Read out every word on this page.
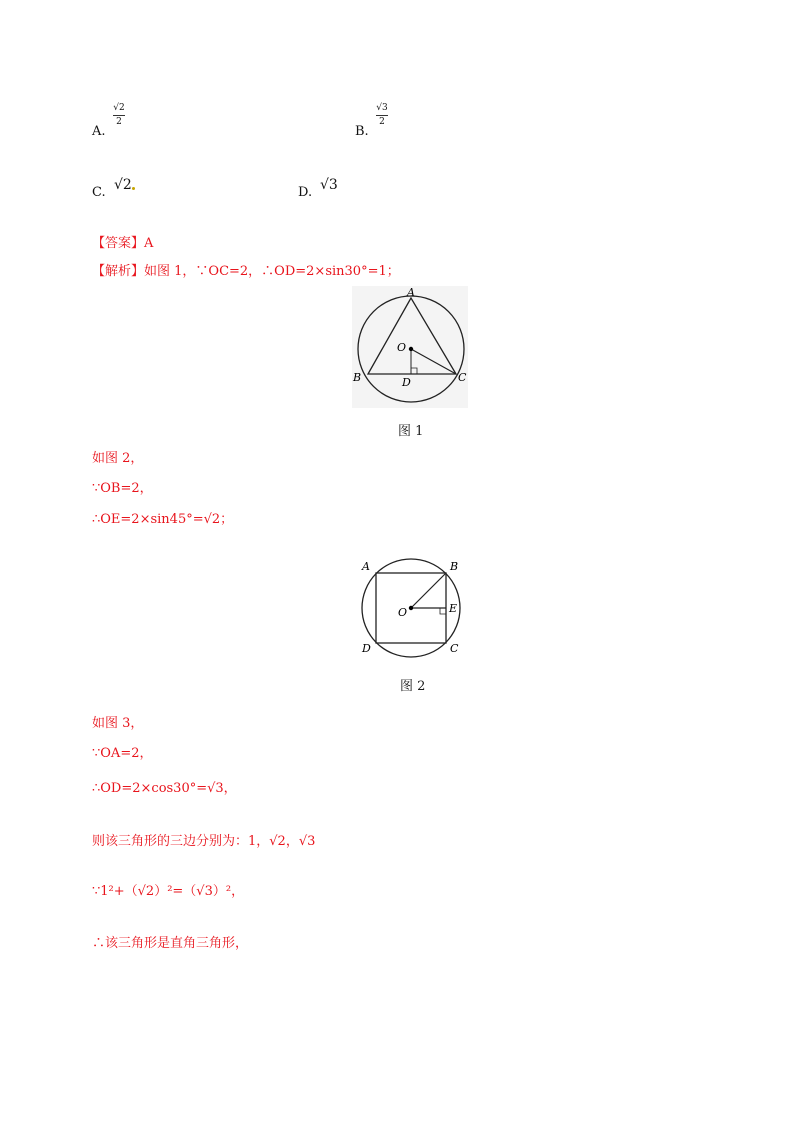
A.
√2
2
B.
√3
2
C. √2	D. √3
【答案】A
【解析】如图 1，∵OC=2，∴OD=2×sin30°=1；
A
O
B	C
D
图 1
如图 2，
∵OB=2，
∴OE=2×sin45°=√2；
A	B
O	E
D	C
图 2
如图 3，
∵OA=2，
∴OD=2×cos30°=√3，
则该三角形的三边分别为：1，√2，√3
∵1²+（√2）²=（√3）²，
∴该三角形是直角三角形，
